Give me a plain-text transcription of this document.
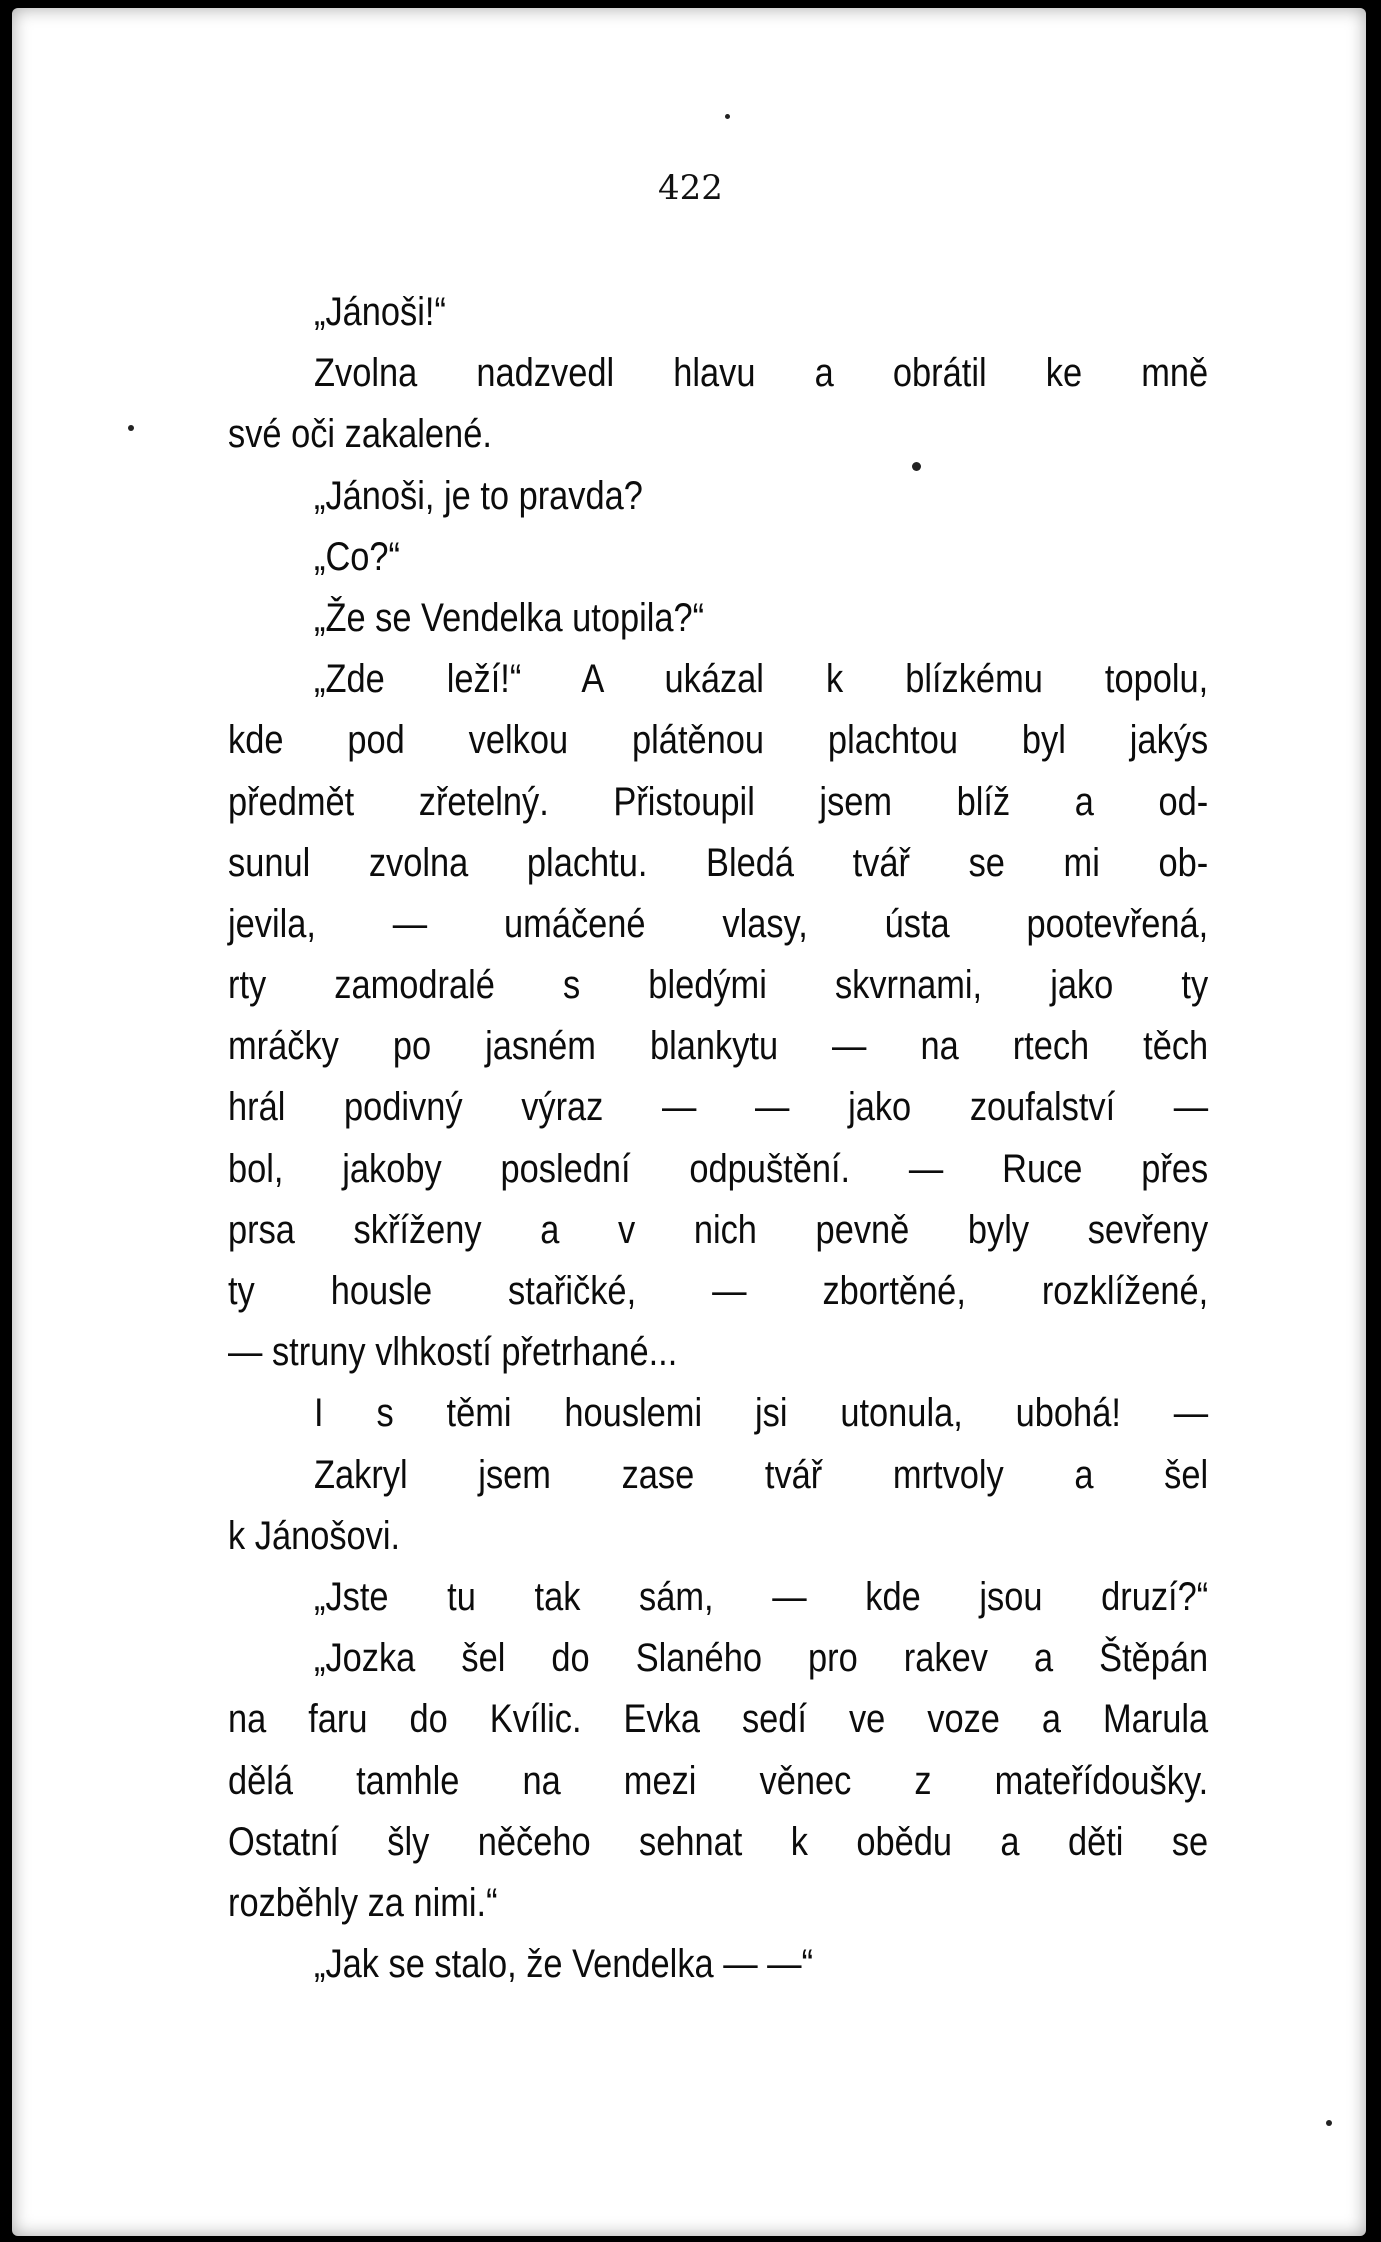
422
„Jánoši!“
Zvolna nadzvedl hlavu a obrátil ke mně
své oči zakalené.
„Jánoši, je to pravda?
„Co?“
„Že se Vendelka utopila?“
„Zde leží!“ A ukázal k blízkému topolu,
kde pod velkou plátěnou plachtou byl jakýs
předmět zřetelný. Přistoupil jsem blíž a od-
sunul zvolna plachtu. Bledá tvář se mi ob-
jevila, — umáčené vlasy, ústa pootevřená,
rty zamodralé s bledými skvrnami, jako ty
mráčky po jasném blankytu — na rtech těch
hrál podivný výraz — — jako zoufalství —
bol, jakoby poslední odpuštění. — Ruce přes
prsa skříženy a v nich pevně byly sevřeny
ty housle stařičké, — zbortěné, rozklížené,
— struny vlhkostí přetrhané...
I s těmi houslemi jsi utonula, ubohá! —
Zakryl jsem zase tvář mrtvoly a šel
k Jánošovi.
„Jste tu tak sám, — kde jsou druzí?“
„Jozka šel do Slaného pro rakev a Štěpán
na faru do Kvílic. Evka sedí ve voze a Marula
dělá tamhle na mezi věnec z mateřídoušky.
Ostatní šly něčeho sehnat k obědu a děti se
rozběhly za nimi.“
„Jak se stalo, že Vendelka — —“
